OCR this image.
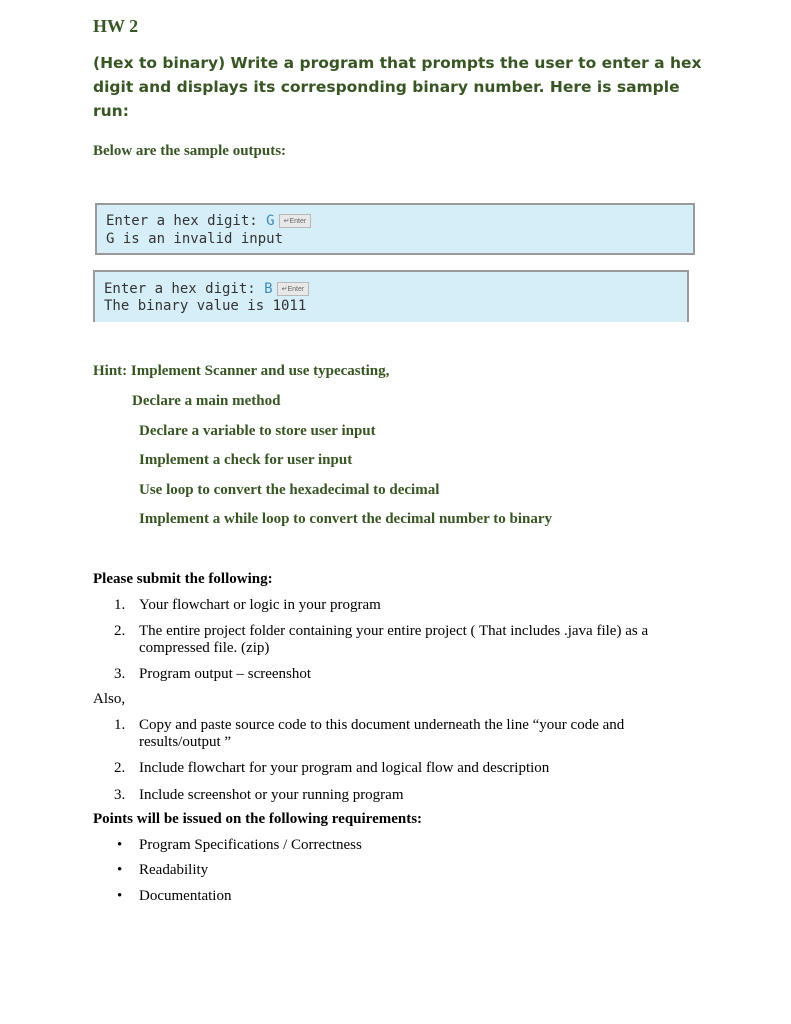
HW 2
(Hex to binary) Write a program that prompts the user to enter a hex digit and displays its corresponding binary number. Here is sample run:
Below are the sample outputs:
Enter a hex digit: G ↵Enter
G is an invalid input
Enter a hex digit: B ↵Enter
The binary value is 1011
Hint: Implement Scanner and use typecasting,
Declare a main method
Declare a variable to store user input
Implement a check for user input
Use loop to convert the hexadecimal to decimal
Implement a while loop to convert the decimal number to binary
Please submit the following:
1. Your flowchart or logic in your program
2. The entire project folder containing your entire project ( That includes .java file) as a compressed file. (zip)
3. Program output – screenshot
Also,
1. Copy and paste source code to this document underneath the line “your code and results/output ”
2. Include flowchart for your program and logical flow and description
3. Include screenshot or your running program
Points will be issued on the following requirements:
• Program Specifications / Correctness
• Readability
• Documentation
